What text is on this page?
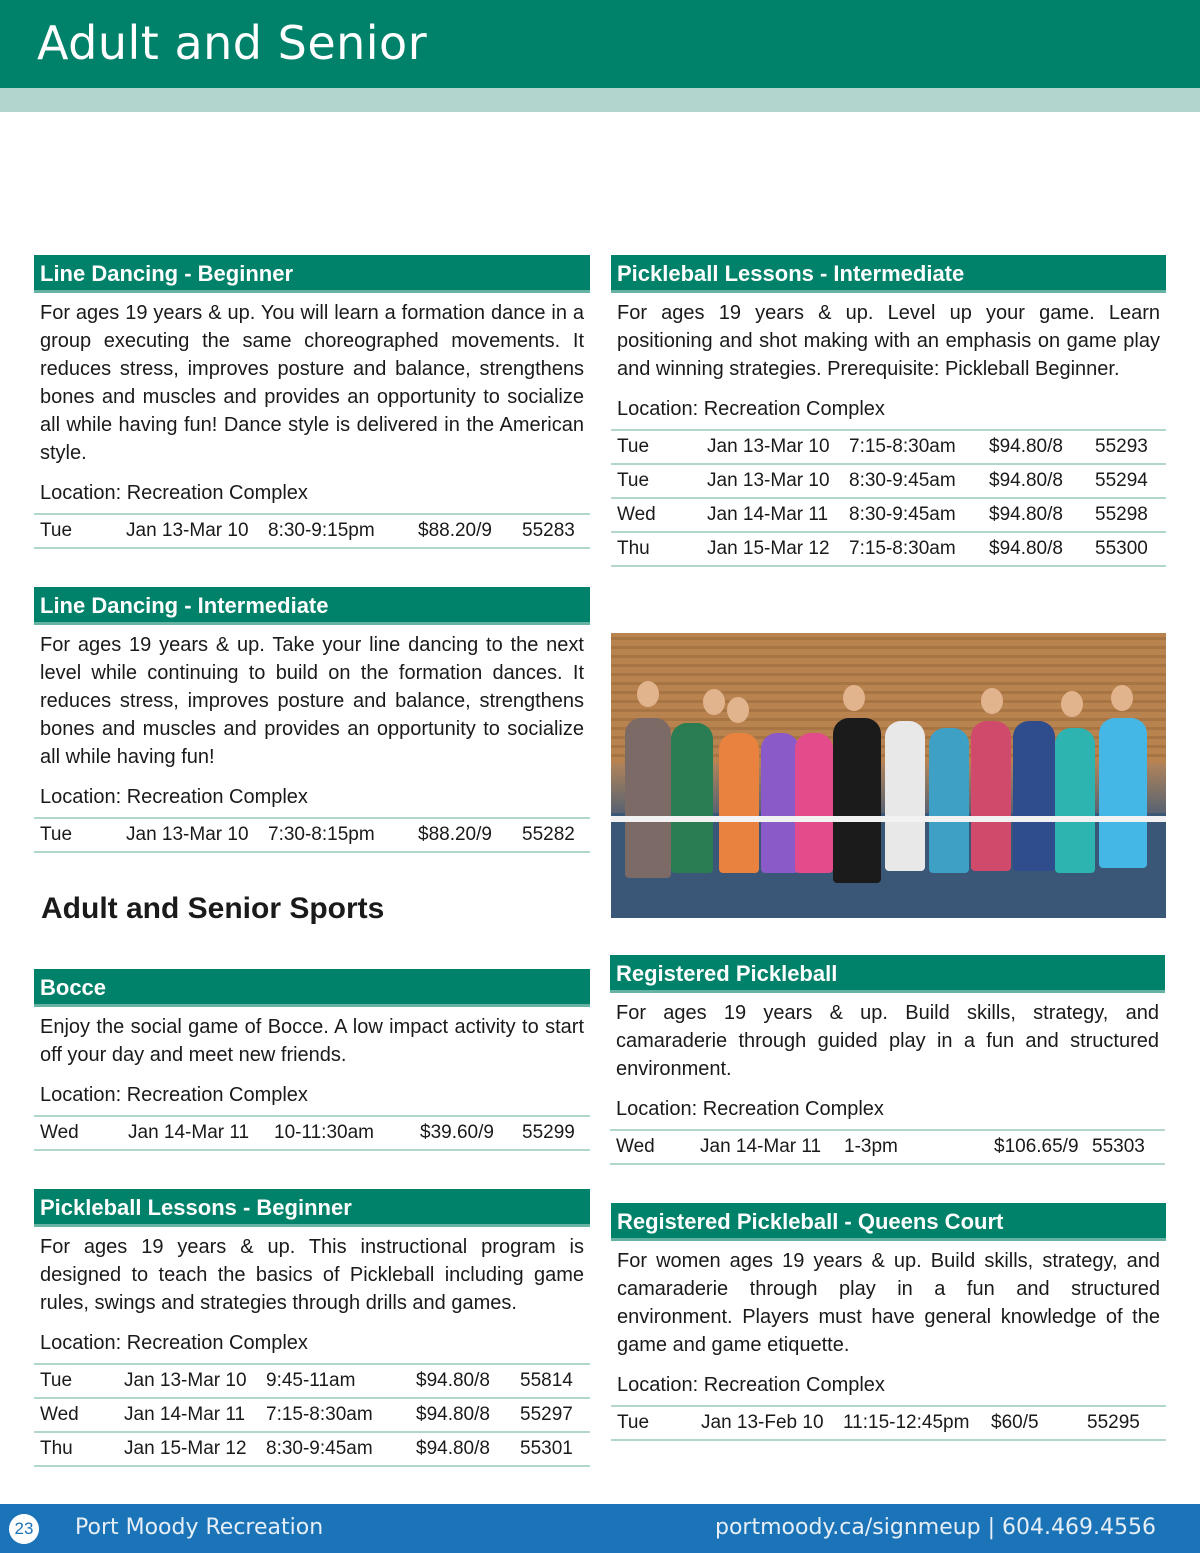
Adult and Senior
Line Dancing - Beginner

For ages 19 years & up. You will learn a formation dance in a group executing the same choreographed movements. It reduces stress, improves posture and balance, strengthens bones and muscles and provides an opportunity to socialize all while having fun! Dance style is delivered in the American style.

Location: Recreation Complex

Tue	Jan 13-Mar 10	8:30-9:15pm	$88.20/9	55283
Line Dancing - Intermediate

For ages 19 years & up. Take your line dancing to the next level while continuing to build on the formation dances. It reduces stress, improves posture and balance, strengthens bones and muscles and provides an opportunity to socialize all while having fun!

Location: Recreation Complex

Tue	Jan 13-Mar 10	7:30-8:15pm	$88.20/9	55282
Adult and Senior Sports
Bocce

Enjoy the social game of Bocce. A low impact activity to start off your day and meet new friends.

Location: Recreation Complex

Wed	Jan 14-Mar 11	10-11:30am	$39.60/9	55299
Pickleball Lessons - Beginner

For ages 19 years & up. This instructional program is designed to teach the basics of Pickleball including game rules, swings and strategies through drills and games.

Location: Recreation Complex

Tue	Jan 13-Mar 10	9:45-11am	$94.80/8	55814
Wed	Jan 14-Mar 11	7:15-8:30am	$94.80/8	55297
Thu	Jan 15-Mar 12	8:30-9:45am	$94.80/8	55301
Pickleball Lessons - Intermediate

For ages 19 years & up. Level up your game. Learn positioning and shot making with an emphasis on game play and winning strategies. Prerequisite: Pickleball Beginner.

Location: Recreation Complex

Tue	Jan 13-Mar 10	7:15-8:30am	$94.80/8	55293
Tue	Jan 13-Mar 10	8:30-9:45am	$94.80/8	55294
Wed	Jan 14-Mar 11	8:30-9:45am	$94.80/8	55298
Thu	Jan 15-Mar 12	7:15-8:30am	$94.80/8	55300
Registered Pickleball

For ages 19 years & up. Build skills, strategy, and camaraderie through guided play in a fun and structured environment.

Location: Recreation Complex

Wed	Jan 14-Mar 11	1-3pm	$106.65/9	55303
Registered Pickleball - Queens Court

For women ages 19 years & up. Build skills, strategy, and camaraderie through play in a fun and structured environment. Players must have general knowledge of the game and game etiquette.

Location: Recreation Complex

Tue	Jan 13-Feb 10	11:15-12:45pm	$60/5	55295
23 Port Moody Recreation	portmoody.ca/signmeup | 604.469.4556
